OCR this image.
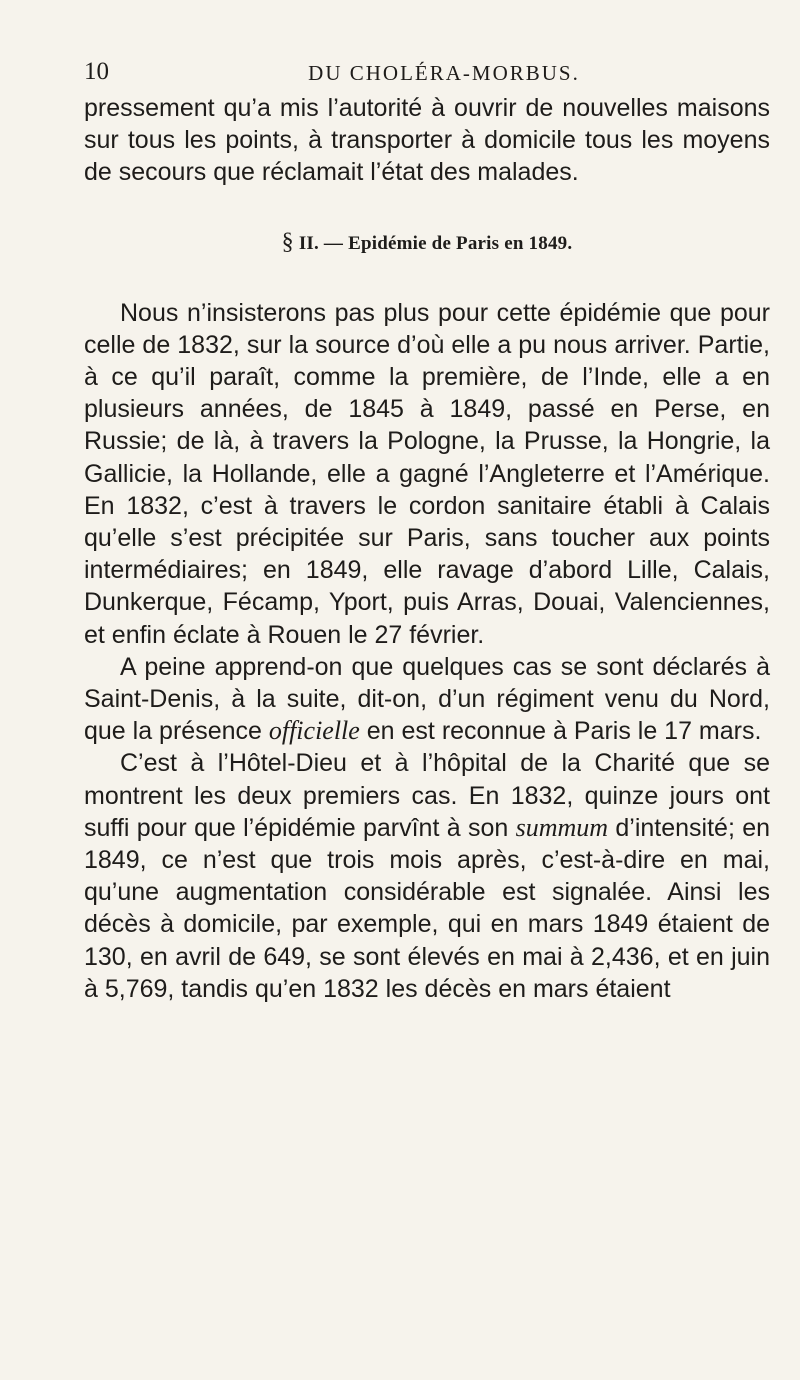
10	DU CHOLÉRA-MORBUS.

pressement qu’a mis l’autorité à ouvrir de nouvelles maisons sur tous les points, à transporter à domicile tous les moyens de secours que réclamait l’état des malades.

§ II. — Epidémie de Paris en 1849.

Nous n’insisterons pas plus pour cette épidémie que pour celle de 1832, sur la source d’où elle a pu nous arriver. Partie, à ce qu’il paraît, comme la première, de l’Inde, elle a en plusieurs années, de 1845 à 1849, passé en Perse, en Russie; de là, à travers la Pologne, la Prusse, la Hongrie, la Gallicie, la Hollande, elle a gagné l’Angleterre et l’Amérique. En 1832, c’est à travers le cordon sanitaire établi à Calais qu’elle s’est précipitée sur Paris, sans toucher aux points intermédiaires; en 1849, elle ravage d’abord Lille, Calais, Dunkerque, Fécamp, Yport, puis Arras, Douai, Valenciennes, et enfin éclate à Rouen le 27 février.

A peine apprend-on que quelques cas se sont déclarés à Saint-Denis, à la suite, dit-on, d’un régiment venu du Nord, que la présence officielle en est reconnue à Paris le 17 mars.

C’est à l’Hôtel-Dieu et à l’hôpital de la Charité que se montrent les deux premiers cas. En 1832, quinze jours ont suffi pour que l’épidémie parvînt à son summum d’intensité; en 1849, ce n’est que trois mois après, c’est-à-dire en mai, qu’une augmentation considérable est signalée. Ainsi les décès à domicile, par exemple, qui en mars 1849 étaient de 130, en avril de 649, se sont élevés en mai à 2,436, et en juin à 5,769, tandis qu’en 1832 les décès en mars étaient
